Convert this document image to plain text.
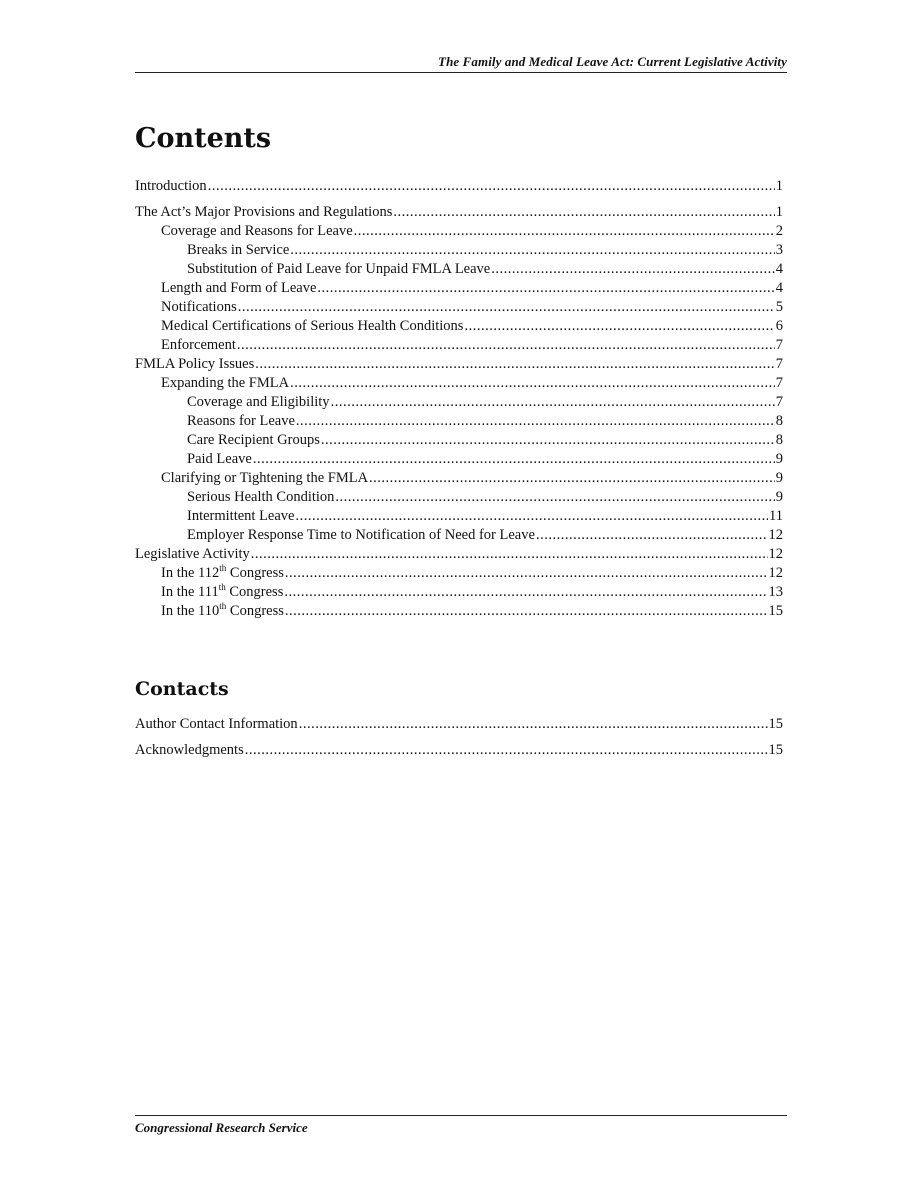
The Family and Medical Leave Act: Current Legislative Activity
Contents
Introduction .....	1
The Act’s Major Provisions and Regulations .....	1
Coverage and Reasons for Leave .....	2
Breaks in Service .....	3
Substitution of Paid Leave for Unpaid FMLA Leave .....	4
Length and Form of Leave .....	4
Notifications .....	5
Medical Certifications of Serious Health Conditions .....	6
Enforcement .....	7
FMLA Policy Issues .....	7
Expanding the FMLA .....	7
Coverage and Eligibility .....	7
Reasons for Leave .....	8
Care Recipient Groups .....	8
Paid Leave .....	9
Clarifying or Tightening the FMLA .....	9
Serious Health Condition .....	9
Intermittent Leave .....	11
Employer Response Time to Notification of Need for Leave .....	12
Legislative Activity .....	12
In the 112th Congress .....	12
In the 111th Congress .....	13
In the 110th Congress .....	15
Contacts
Author Contact Information .....	15
Acknowledgments .....	15
Congressional Research Service
